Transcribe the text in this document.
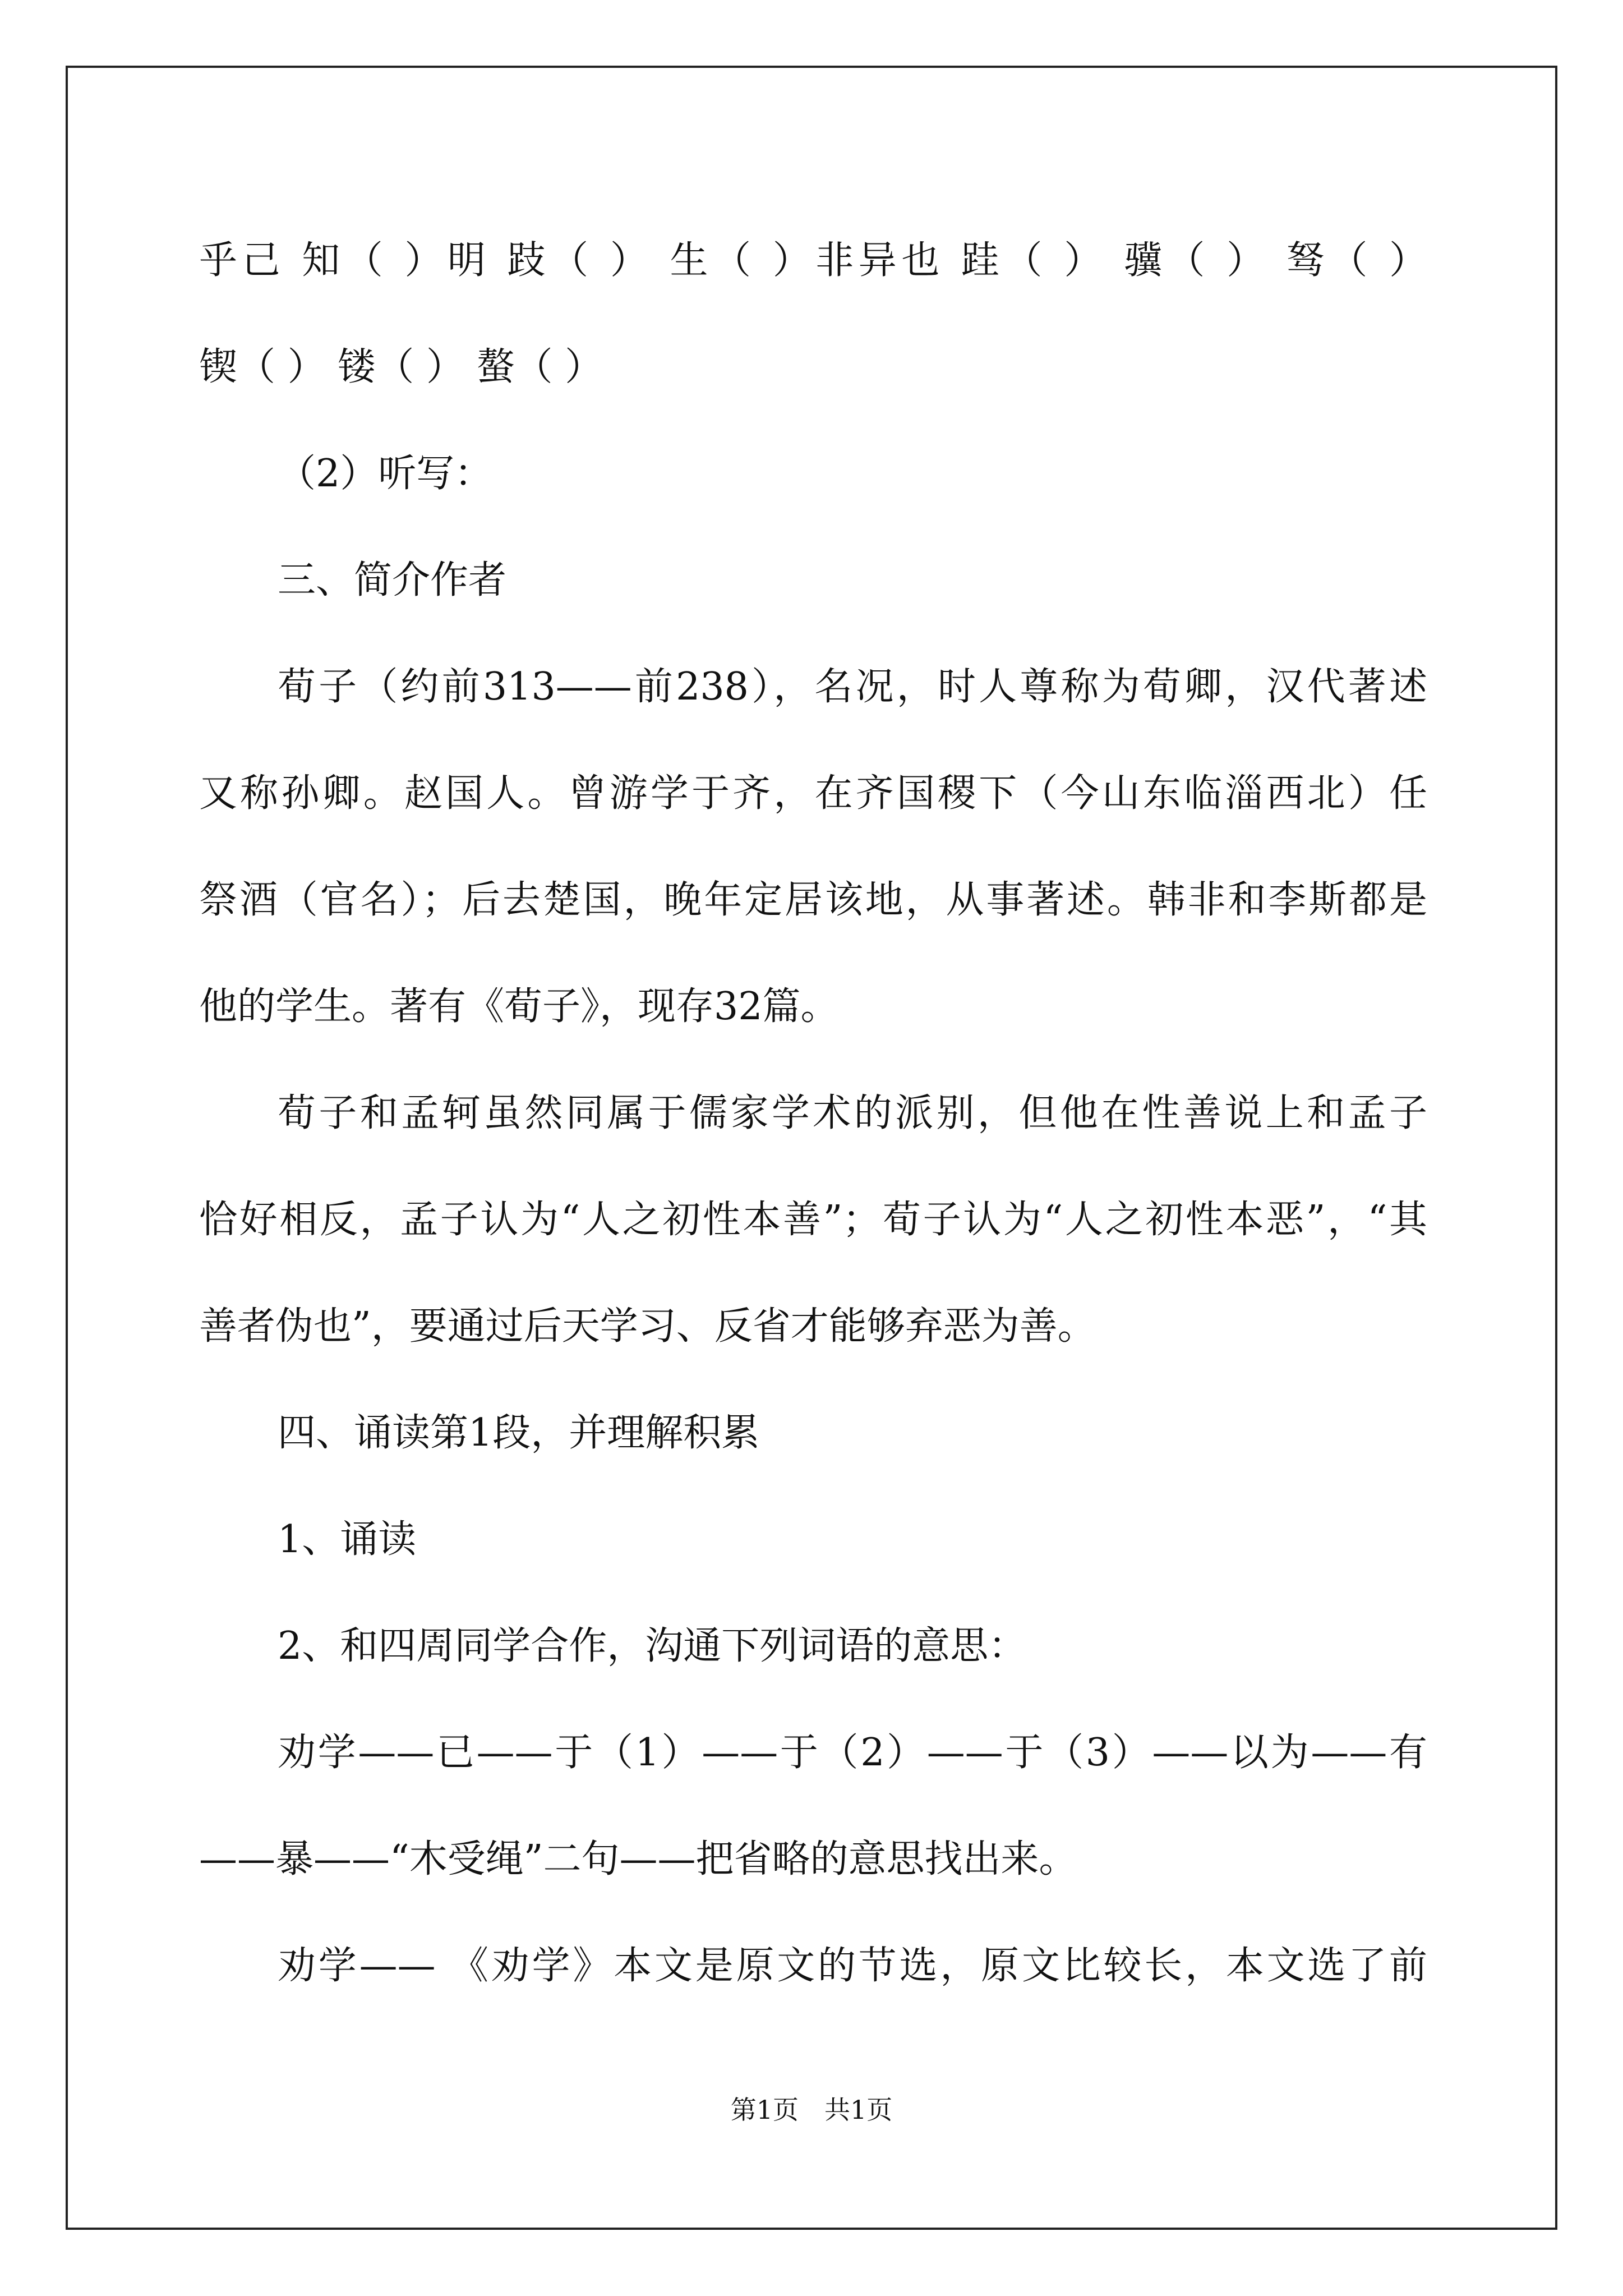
乎己 知（ ）明 跂（ ） 生（ ）非异也 跬（ ） 骥（ ） 驽（ ）
锲（ ） 镂（ ） 螯（ ）
（2）听写：
三、简介作者
荀子（约前313——前238），名况，时人尊称为荀卿，汉代著述
又称孙卿。赵国人。曾游学于齐，在齐国稷下（今山东临淄西北）任
祭酒（官名）；后去楚国，晚年定居该地，从事著述。韩非和李斯都是
他的学生。著有《荀子》，现存32篇。
荀子和孟轲虽然同属于儒家学术的派别，但他在性善说上和孟子
恰好相反，孟子认为“人之初性本善”；荀子认为“人之初性本恶”，“其
善者伪也”，要通过后天学习、反省才能够弃恶为善。
四、诵读第1段，并理解积累
1、诵读
2、和四周同学合作，沟通下列词语的意思：
劝学——已——于（1）——于（2）——于（3）——以为——有
——暴——“木受绳”二句——把省略的意思找出来。
劝学—— 《劝学》本文是原文的节选，原文比较长，本文选了前
第1页　共1页
